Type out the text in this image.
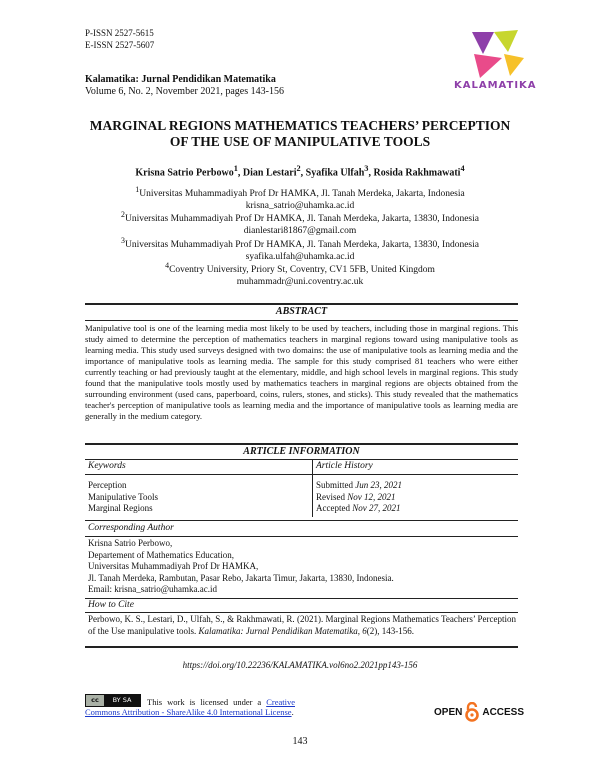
P-ISSN 2527-5615
E-ISSN 2527-5607
Kalamatika: Jurnal Pendidikan Matematika
Volume 6, No. 2, November 2021, pages 143-156
KALAMATIKA
MARGINAL REGIONS MATHEMATICS TEACHERS’ PERCEPTION
OF THE USE OF MANIPULATIVE TOOLS
Krisna Satrio Perbowo$^1$, Dian Lestari$^2$, Syafika Ulfah$^3$, Rosida Rakhmawati$^4$
$^1$Universitas Muhammadiyah Prof Dr HAMKA, Jl. Tanah Merdeka, Jakarta, Indonesia
krisna_satrio@uhamka.ac.id
$^2$Universitas Muhammadiyah Prof Dr HAMKA, Jl. Tanah Merdeka, Jakarta, 13830, Indonesia
dianlestari81867@gmail.com
$^3$Universitas Muhammadiyah Prof Dr HAMKA, Jl. Tanah Merdeka, Jakarta, 13830, Indonesia
syafika.ulfah@uhamka.ac.id
$^4$Coventry University, Priory St, Coventry, CV1 5FB, United Kingdom
muhammadr@uni.coventry.ac.uk
ABSTRACT
Manipulative tool is one of the learning media most likely to be used by teachers, including those in marginal regions. This study aimed to determine the perception of mathematics teachers in marginal regions toward using manipulative tools as learning media. This study used surveys designed with two domains: the use of manipulative tools as learning media and the importance of manipulative tools as learning media. The sample for this study comprised 81 teachers who were either currently teaching or had previously taught at the elementary, middle, and high school levels in marginal regions. This study found that the manipulative tools mostly used by mathematics teachers in marginal regions are objects obtained from the surrounding environment (used cans, paperboard, coins, rulers, stones, and sticks). This study revealed that the mathematics teacher's perception of manipulative tools as learning media and the importance of manipulative tools as learning media are generally in the medium category.
ARTICLE INFORMATION
Keywords	Article History
Perception
Manipulative Tools
Marginal Regions
Submitted Jun 23, 2021
Revised Nov 12, 2021
Accepted Nov 27, 2021
Corresponding Author
Krisna Satrio Perbowo,
Departement of Mathematics Education,
Universitas Muhammadiyah Prof Dr HAMKA,
Jl. Tanah Merdeka, Rambutan, Pasar Rebo, Jakarta Timur, Jakarta, 13830, Indonesia.
Email: krisna_satrio@uhamka.ac.id
How to Cite
Perbowo, K. S., Lestari, D., Ulfah, S., & Rakhmawati, R. (2021). Marginal Regions Mathematics Teachers’ Perception of the Use manipulative tools. Kalamatika: Jurnal Pendidikan Matematika, 6(2), 143-156.
https://doi.org/10.22236/KALAMATIKA.vol6no2.2021pp143-156
This work is licensed under a Creative Commons Attribution - ShareAlike 4.0 International License.
cc	BY SA
OPEN ACCESS
143
